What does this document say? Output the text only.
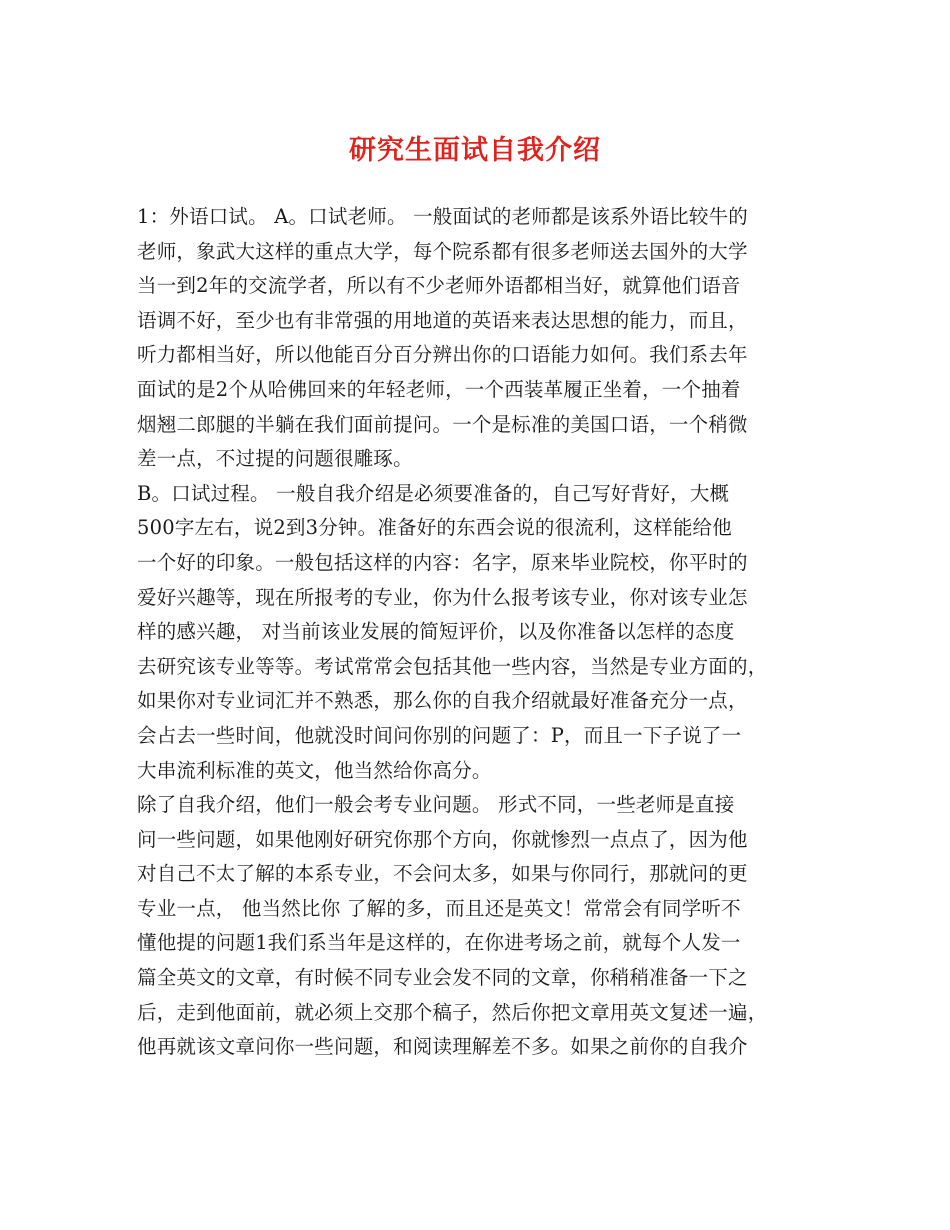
研究生面试自我介绍
1：外语口试。 A。口试老师。 一般面试的老师都是该系外语比较牛的
老师，象武大这样的重点大学，每个院系都有很多老师送去国外的大学
当一到2年的交流学者，所以有不少老师外语都相当好，就算他们语音
语调不好，至少也有非常强的用地道的英语来表达思想的能力，而且，
听力都相当好，所以他能百分百分辨出你的口语能力如何。我们系去年
面试的是2个从哈佛回来的年轻老师，一个西装革履正坐着，一个抽着
烟翘二郎腿的半躺在我们面前提问。一个是标准的美国口语，一个稍微
差一点，不过提的问题很雕琢。
B。口试过程。 一般自我介绍是必须要准备的，自己写好背好，大概
500字左右，说2到3分钟。准备好的东西会说的很流利，这样能给他
一个好的印象。一般包括这样的内容：名字，原来毕业院校，你平时的
爱好兴趣等，现在所报考的专业，你为什么报考该专业，你对该专业怎
样的感兴趣， 对当前该业发展的简短评价，以及你准备以怎样的态度
去研究该专业等等。考试常常会包括其他一些内容，当然是专业方面的，
如果你对专业词汇并不熟悉，那么你的自我介绍就最好准备充分一点，
会占去一些时间，他就没时间问你别的问题了：P，而且一下子说了一
大串流利标准的英文，他当然给你高分。
除了自我介绍，他们一般会考专业问题。 形式不同，一些老师是直接
问一些问题，如果他刚好研究你那个方向，你就惨烈一点点了，因为他
对自己不太了解的本系专业，不会问太多，如果与你同行，那就问的更
专业一点， 他当然比你 了解的多，而且还是英文！常常会有同学听不
懂他提的问题1我们系当年是这样的，在你进考场之前，就每个人发一
篇全英文的文章，有时候不同专业会发不同的文章，你稍稍准备一下之
后，走到他面前，就必须上交那个稿子，然后你把文章用英文复述一遍，
他再就该文章问你一些问题，和阅读理解差不多。如果之前你的自我介
